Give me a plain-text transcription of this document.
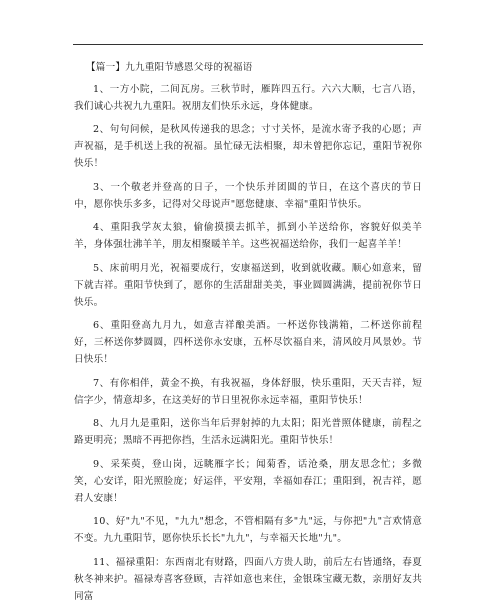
【篇一】九九重阳节感恩父母的祝福语

1、一方小院，二间瓦房。三秋节时，雁阵四五行。六六大顺，七言八语，我们诚心共祝九九重阳。祝朋友们快乐永远，身体健康。

2、句句问候，是秋风传递我的思念；寸寸关怀，是流水寄予我的心愿；声声祝福，是手机送上我的祝福。虽忙碌无法相聚，却未曾把你忘记，重阳节祝你快乐！

3、一个敬老并登高的日子，一个快乐并团圆的节日，在这个喜庆的节日中，愿你快乐多多，记得对父母说声"愿您健康、幸福"重阳节快乐。

4、重阳我学灰太狼，偷偷摸摸去抓羊，抓到小羊送给你，容貌好似美羊羊，身体强壮沸羊羊，朋友相聚暖羊羊。这些祝福送给你，我们一起喜羊羊！

5、床前明月光，祝福要成行，安康福送到，收到就收藏。顺心如意来，留下就吉祥。重阳节快到了，愿你的生活甜甜美美，事业圆圆满满，提前祝你节日快乐。

6、重阳登高九月九，如意吉祥酿美酒。一杯送你钱满箱，二杯送你前程好，三杯送你梦圆圆，四杯送你永安康，五杯尽饮福自来，清风皎月风景妙。节日快乐！

7、有你相伴，黄金不换，有我祝福，身体舒服，快乐重阳，天天吉祥，短信字少，情意却多，在这美好的节日里祝你永远幸福，重阳节快乐！

8、九月九是重阳，送你当年后羿射掉的九太阳；阳光普照体健康，前程之路更明亮；黑暗不再把你挡，生活永远满阳光。重阳节快乐！

9、采茱萸，登山岗，远眺雁字长；闻菊香，话沧桑，朋友思念忙；多微笑，心安详，阳光照脸庞；好运伴，平安翔，幸福如春江；重阳到，祝吉祥，愿君人安康！

10、好"九"不见，"九九"想念，不管相隔有多"九"远，与你把"九"言欢情意不变。九九重阳节，愿你快乐长长"九九"，与幸福天长地"九"。

11、福禄重阳：东西南北有财路，四面八方贵人助，前后左右皆通络，春夏秋冬神来护。福禄寿喜客登顾，吉祥如意也来住，金银珠宝藏无数，亲朋好友共同富
